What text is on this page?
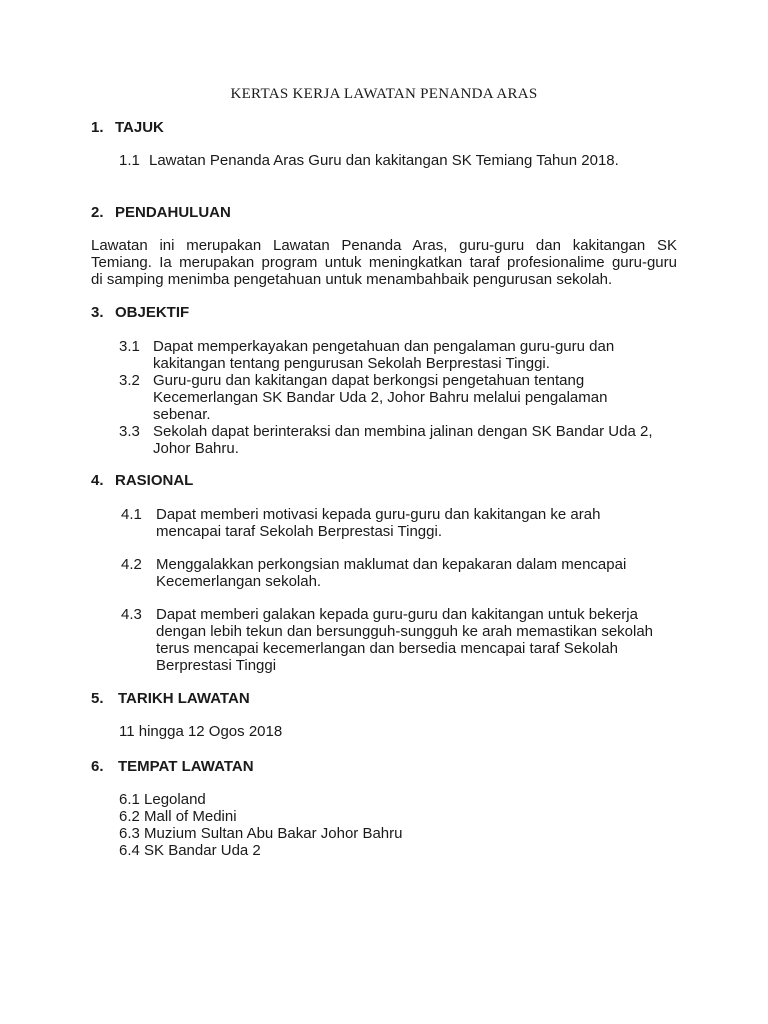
KERTAS KERJA LAWATAN PENANDA ARAS
1. TAJUK
1.1 Lawatan Penanda Aras Guru dan kakitangan SK Temiang Tahun 2018.
2. PENDAHULUAN
Lawatan ini merupakan Lawatan Penanda Aras, guru-guru dan kakitangan SK
Temiang. Ia merupakan program untuk meningkatkan taraf profesionalime guru-guru
di samping menimba pengetahuan untuk menambahbaik pengurusan sekolah.
3. OBJEKTIF
3.1 Dapat memperkayakan pengetahuan dan pengalaman guru-guru dan
kakitangan tentang pengurusan Sekolah Berprestasi Tinggi.
3.2 Guru-guru dan kakitangan dapat berkongsi pengetahuan tentang
Kecemerlangan SK Bandar Uda 2, Johor Bahru melalui pengalaman
sebenar.
3.3 Sekolah dapat berinteraksi dan membina jalinan dengan SK Bandar Uda 2,
Johor Bahru.
4. RASIONAL
4.1 Dapat memberi motivasi kepada guru-guru dan kakitangan ke arah
mencapai taraf Sekolah Berprestasi Tinggi.
4.2 Menggalakkan perkongsian maklumat dan kepakaran dalam mencapai
Kecemerlangan sekolah.
4.3 Dapat memberi galakan kepada guru-guru dan kakitangan untuk bekerja
dengan lebih tekun dan bersungguh-sungguh ke arah memastikan sekolah
terus mencapai kecemerlangan dan bersedia mencapai taraf Sekolah
Berprestasi Tinggi
5. TARIKH LAWATAN
11 hingga 12 Ogos 2018
6. TEMPAT LAWATAN
6.1 Legoland
6.2 Mall of Medini
6.3 Muzium Sultan Abu Bakar Johor Bahru
6.4 SK Bandar Uda 2
